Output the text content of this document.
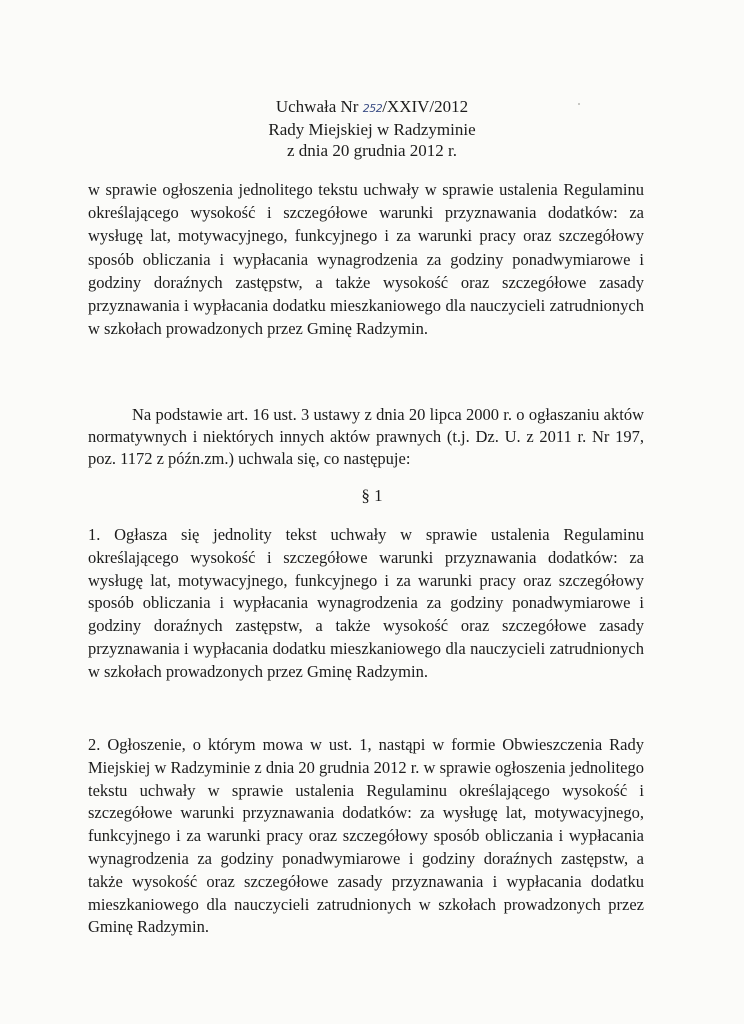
Uchwała Nr 252/XXIV/2012
Rady Miejskiej w Radzyminie
z dnia 20 grudnia 2012 r.
w sprawie ogłoszenia jednolitego tekstu uchwały w sprawie ustalenia Regulaminu określającego wysokość i szczegółowe warunki przyznawania dodatków: za wysługę lat, motywacyjnego, funkcyjnego i za warunki pracy oraz szczegółowy sposób obliczania i wypłacania wynagrodzenia za godziny ponadwymiarowe i godziny doraźnych zastępstw, a także wysokość oraz szczegółowe zasady przyznawania i wypłacania dodatku mieszkaniowego dla nauczycieli zatrudnionych w szkołach prowadzonych przez Gminę Radzymin.
Na podstawie art. 16 ust. 3 ustawy z dnia 20 lipca 2000 r. o ogłaszaniu aktów normatywnych i niektórych innych aktów prawnych (t.j. Dz. U. z 2011 r. Nr 197, poz. 1172 z późn.zm.) uchwala się, co następuje:
§ 1
1. Ogłasza się jednolity tekst uchwały w sprawie ustalenia Regulaminu określającego wysokość i szczegółowe warunki przyznawania dodatków: za wysługę lat, motywacyjnego, funkcyjnego i za warunki pracy oraz szczegółowy sposób obliczania i wypłacania wynagrodzenia za godziny ponadwymiarowe i godziny doraźnych zastępstw, a także wysokość oraz szczegółowe zasady przyznawania i wypłacania dodatku mieszkaniowego dla nauczycieli zatrudnionych w szkołach prowadzonych przez Gminę Radzymin.
2. Ogłoszenie, o którym mowa w ust. 1, nastąpi w formie Obwieszczenia Rady Miejskiej w Radzyminie z dnia 20 grudnia 2012 r. w sprawie ogłoszenia jednolitego tekstu uchwały w sprawie ustalenia Regulaminu określającego wysokość i szczegółowe warunki przyznawania dodatków: za wysługę lat, motywacyjnego, funkcyjnego i za warunki pracy oraz szczegółowy sposób obliczania i wypłacania wynagrodzenia za godziny ponadwymiarowe i godziny doraźnych zastępstw, a także wysokość oraz szczegółowe zasady przyznawania i wypłacania dodatku mieszkaniowego dla nauczycieli zatrudnionych w szkołach prowadzonych przez Gminę Radzymin.
